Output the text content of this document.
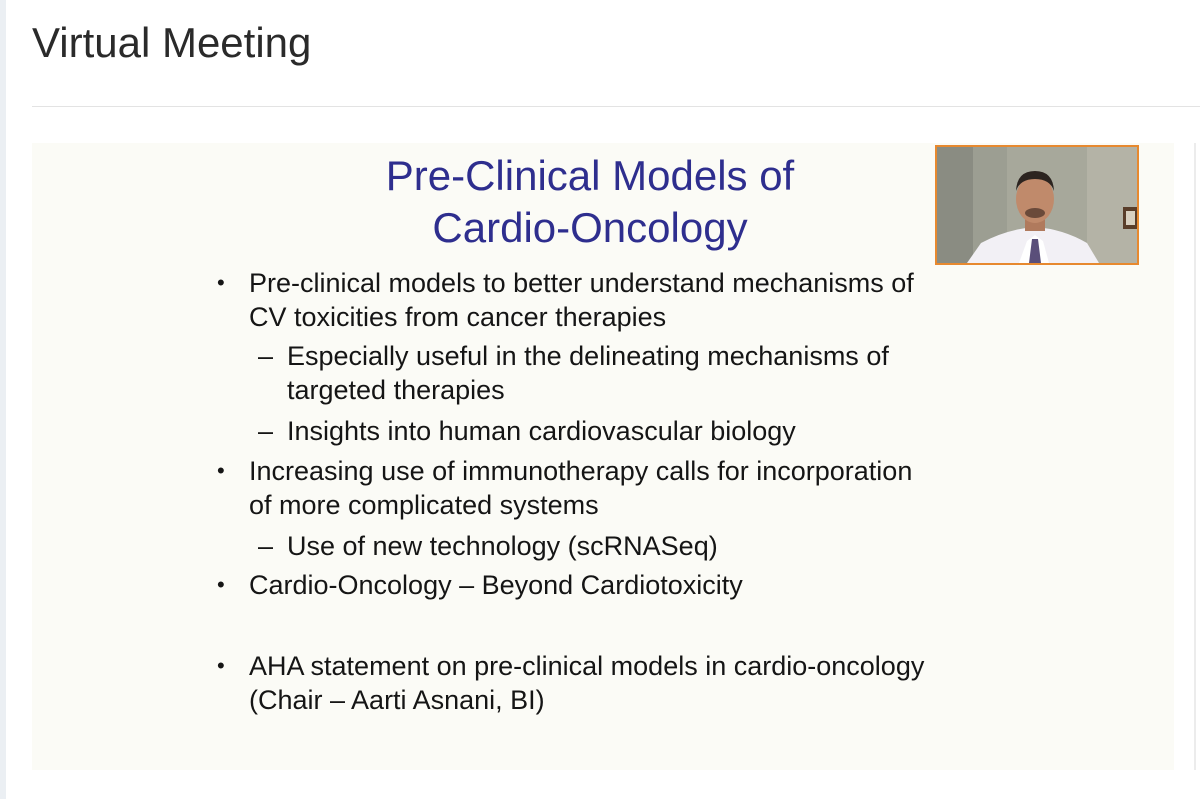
Virtual Meeting
Pre-Clinical Models of
Cardio-Oncology
• Pre-clinical models to better understand mechanisms of
CV toxicities from cancer therapies
– Especially useful in the delineating mechanisms of
targeted therapies
– Insights into human cardiovascular biology
• Increasing use of immunotherapy calls for incorporation
of more complicated systems
– Use of new technology (scRNASeq)
• Cardio-Oncology – Beyond Cardiotoxicity
• AHA statement on pre-clinical models in cardio-oncology
(Chair – Aarti Asnani, BI)
